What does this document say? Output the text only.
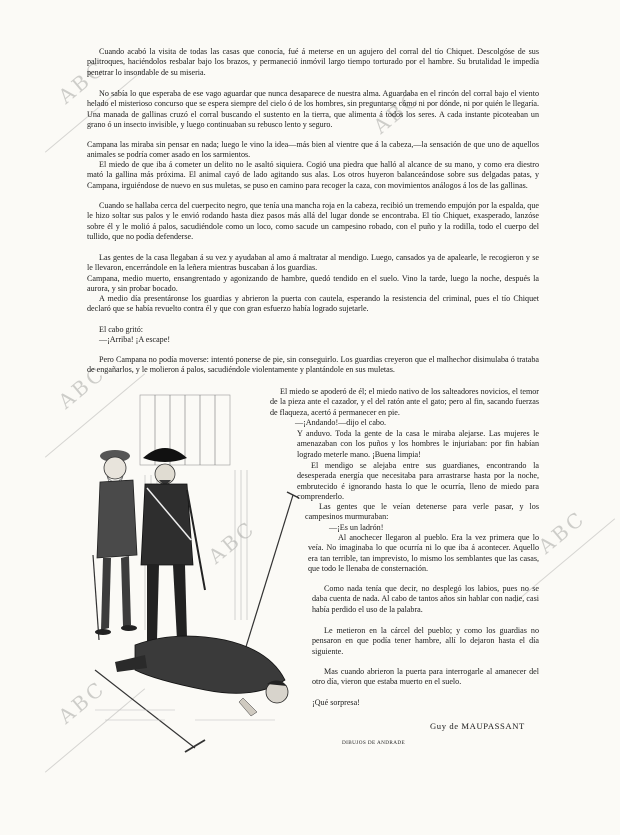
ABC
ABC
ABC
ABC
ABC
ABC

Cuando acabó la visita de todas las casas que conocía, fué á meterse en un agujero del corral del tío Chiquet. Descolgóse de sus palitroques, haciéndolos resbalar bajo los brazos, y permaneció inmóvil largo tiempo torturado por el hambre. Su brutalidad le impedía penetrar lo insondable de su miseria.

No sabía lo que esperaba de ese vago aguardar que nunca desaparece de nuestra alma. Aguardaba en el rincón del corral bajo el viento helado el misterioso concurso que se espera siempre del cielo ó de los hombres, sin preguntarse cómo ni por dónde, ni por quién le llegaría. Una manada de gallinas cruzó el corral buscando el sustento en la tierra, que alimenta á todos los seres. A cada instante picoteaban un grano ó un insecto invisible, y luego continuaban su rebusco lento y seguro.

Campana las miraba sin pensar en nada; luego le vino la idea—más bien al vientre que á la cabeza,—la sensación de que uno de aquellos animales se podría comer asado en los sarmientos.

El miedo de que iba á cometer un delito no le asaltó siquiera. Cogió una piedra que halló al alcance de su mano, y como era diestro mató la gallina más próxima. El animal cayó de lado agitando sus alas. Los otros huyeron balanceándose sobre sus delgadas patas, y Campana, irguiéndose de nuevo en sus muletas, se puso en camino para recoger la caza, con movimientos análogos á los de las gallinas.

Cuando se hallaba cerca del cuerpecito negro, que tenía una mancha roja en la cabeza, recibió un tremendo empujón por la espalda, que le hizo soltar sus palos y le envió rodando hasta diez pasos más allá del lugar donde se encontraba. El tío Chiquet, exasperado, lanzóse sobre él y le molió á palos, sacudiéndole como un loco, como sacude un campesino robado, con el puño y la rodilla, todo el cuerpo del tullido, que no podía defenderse.

Las gentes de la casa llegaban á su vez y ayudaban al amo á maltratar al mendigo. Luego, cansados ya de apalearle, le recogieron y se le llevaron, encerrándole en la leñera mientras buscaban á los guardias.

Campana, medio muerto, ensangrentado y agonizando de hambre, quedó tendido en el suelo. Vino la tarde, luego la noche, después la aurora, y sin probar bocado.

A medio día presentáronse los guardias y abrieron la puerta con cautela, esperando la resistencia del criminal, pues el tío Chiquet declaró que se había revuelto contra él y que con gran esfuerzo había logrado sujetarle.

El cabo gritó:

—¡Arriba! ¡A escape!

Pero Campana no podía moverse: intentó ponerse de pie, sin conseguirlo. Los guardias creyeron que el malhechor disimulaba ó trataba de engañarlos, y le molieron á palos, sacudiéndole violentamente y plantándole en sus muletas.

El miedo se apoderó de él; el miedo nativo de los salteadores novicios, el temor de la pieza ante el cazador, y el del ratón ante el gato; pero al fin, sacando fuerzas de flaqueza, acertó á permanecer en pie.

—¡Andando!—dijo el cabo.

Y anduvo. Toda la gente de la casa le miraba alejarse. Las mujeres le amenazaban con los puños y los hombres le injuriaban: por fin habían logrado meterle mano. ¡Buena limpia!

El mendigo se alejaba entre sus guardianes, encontrando la desesperada energía que necesitaba para arrastrarse hasta por la noche, embrutecido é ignorando hasta lo que le ocurría, lleno de miedo para comprenderlo.

Las gentes que le veían detenerse para verle pasar, y los campesinos murmuraban:

—¡Es un ladrón!

Al anochecer llegaron al pueblo. Era la vez primera que lo veía. No imaginaba lo que ocurría ni lo que iba á acontecer. Aquello era tan terrible, tan imprevisto, lo mismo los semblantes que las casas, que todo le llenaba de consternación.

Como nada tenía que decir, no desplegó los labios, pues no se daba cuenta de nada. Al cabo de tantos años sin hablar con nadie, casi había perdido el uso de la palabra.

Le metieron en la cárcel del pueblo; y como los guardias no pensaron en que podía tener hambre, allí lo dejaron hasta el día siguiente.

Mas cuando abrieron la puerta para interrogarle al amanecer del otro día, vieron que estaba muerto en el suelo.

¡Qué sorpresa!

Guy de MAUPASSANT
DIBUJOS DE ANDRADE
